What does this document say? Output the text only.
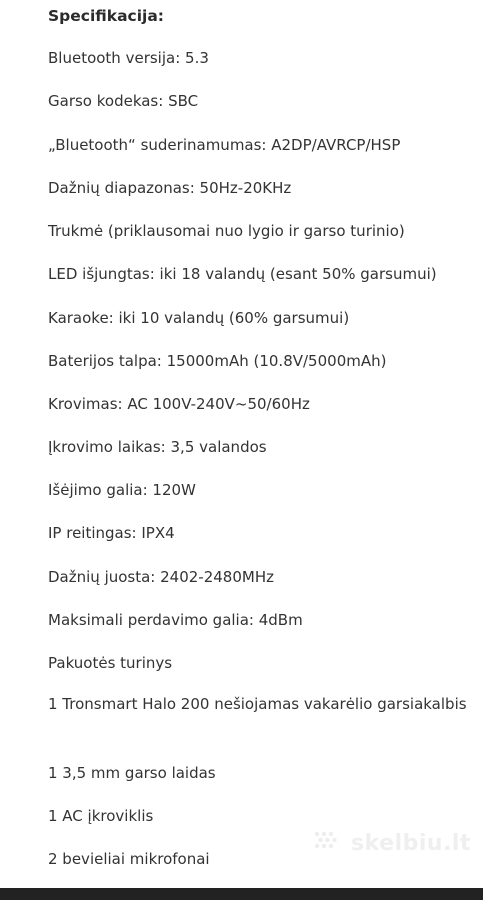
Specifikacija:
Bluetooth versija: 5.3
Garso kodekas: SBC
„Bluetooth“ suderinamumas: A2DP/AVRCP/HSP
Dažnių diapazonas: 50Hz-20KHz
Trukmė (priklausomai nuo lygio ir garso turinio)
LED išjungtas: iki 18 valandų (esant 50% garsumui)
Karaoke: iki 10 valandų (60% garsumui)
Baterijos talpa: 15000mAh (10.8V/5000mAh)
Krovimas: AC 100V-240V~50/60Hz
Įkrovimo laikas: 3,5 valandos
Išėjimo galia: 120W
IP reitingas: IPX4
Dažnių juosta: 2402-2480MHz
Maksimali perdavimo galia: 4dBm
Pakuotės turinys
1 Tronsmart Halo 200 nešiojamas vakarėlio garsiakalbis
1 3,5 mm garso laidas
1 AC įkroviklis
2 bevieliai mikrofonai
skelbiu.lt
